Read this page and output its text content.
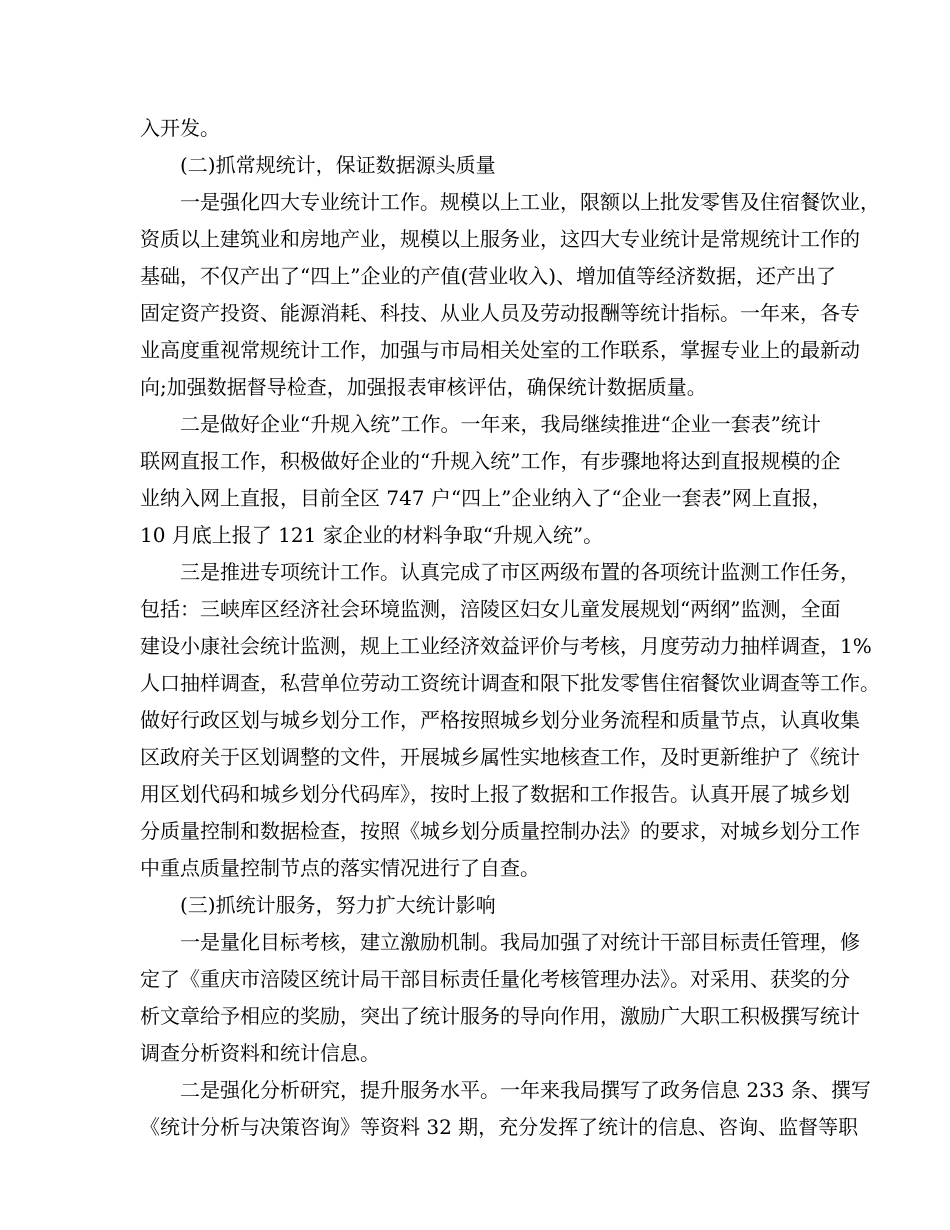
入开发。
(二)抓常规统计，保证数据源头质量
一是强化四大专业统计工作。规模以上工业，限额以上批发零售及住宿餐饮业，
资质以上建筑业和房地产业，规模以上服务业，这四大专业统计是常规统计工作的
基础，不仅产出了“四上”企业的产值(营业收入)、增加值等经济数据，还产出了
固定资产投资、能源消耗、科技、从业人员及劳动报酬等统计指标。一年来，各专
业高度重视常规统计工作，加强与市局相关处室的工作联系，掌握专业上的最新动
向;加强数据督导检查，加强报表审核评估，确保统计数据质量。
二是做好企业“升规入统”工作。一年来，我局继续推进“企业一套表”统计
联网直报工作，积极做好企业的“升规入统”工作，有步骤地将达到直报规模的企
业纳入网上直报，目前全区 747 户“四上”企业纳入了“企业一套表”网上直报，
10 月底上报了 121 家企业的材料争取“升规入统”。
三是推进专项统计工作。认真完成了市区两级布置的各项统计监测工作任务，
包括：三峡库区经济社会环境监测，涪陵区妇女儿童发展规划“两纲”监测，全面
建设小康社会统计监测，规上工业经济效益评价与考核，月度劳动力抽样调查，1%
人口抽样调查，私营单位劳动工资统计调查和限下批发零售住宿餐饮业调查等工作。
做好行政区划与城乡划分工作，严格按照城乡划分业务流程和质量节点，认真收集
区政府关于区划调整的文件，开展城乡属性实地核查工作，及时更新维护了《统计
用区划代码和城乡划分代码库》，按时上报了数据和工作报告。认真开展了城乡划
分质量控制和数据检查，按照《城乡划分质量控制办法》的要求，对城乡划分工作
中重点质量控制节点的落实情况进行了自查。
(三)抓统计服务，努力扩大统计影响
一是量化目标考核，建立激励机制。我局加强了对统计干部目标责任管理，修
定了《重庆市涪陵区统计局干部目标责任量化考核管理办法》。对采用、获奖的分
析文章给予相应的奖励，突出了统计服务的导向作用，激励广大职工积极撰写统计
调查分析资料和统计信息。
二是强化分析研究，提升服务水平。一年来我局撰写了政务信息 233 条、撰写
《统计分析与决策咨询》等资料 32 期，充分发挥了统计的信息、咨询、监督等职
